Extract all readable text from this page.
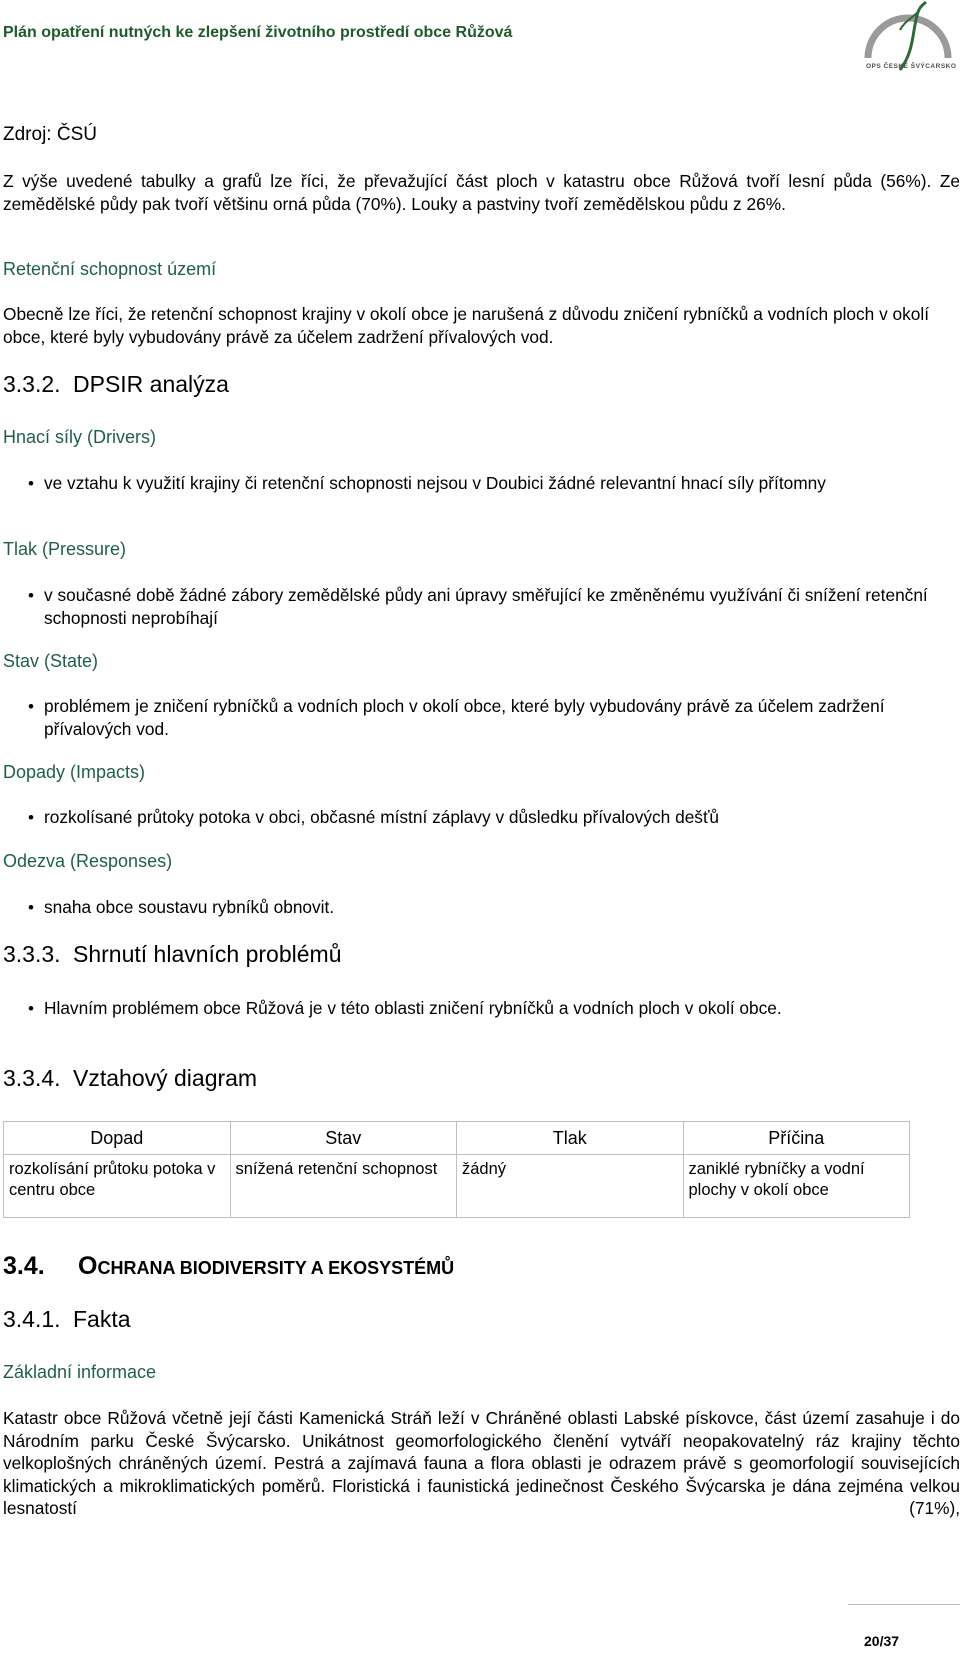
Plán opatření nutných ke zlepšení životního prostředí obce Růžová
OPS ČESKÉ ŠVÝCARSKO
Zdroj: ČSÚ

Z výše uvedené tabulky a grafů lze říci, že převažující část ploch v katastru obce Růžová tvoří lesní půda (56%). Ze zemědělské půdy pak tvoří většinu orná půda (70%). Louky a pastviny tvoří zemědělskou půdu z 26%.

Retenční schopnost území

Obecně lze říci, že retenční schopnost krajiny v okolí obce je narušená z důvodu zničení rybníčků a vodních ploch v okolí obce, které byly vybudovány právě za účelem zadržení přívalových vod.

3.3.2. DPSIR analýza
Hnací síly (Drivers)
• ve vztahu k využití krajiny či retenční schopnosti nejsou v Doubici žádné relevantní hnací síly přítomny
Tlak (Pressure)
• v současné době žádné zábory zemědělské půdy ani úpravy směřující ke změněnému využívání či snížení retenční schopnosti neprobíhají
Stav (State)
• problémem je zničení rybníčků a vodních ploch v okolí obce, které byly vybudovány právě za účelem zadržení přívalových vod.
Dopady (Impacts)
• rozkolísané průtoky potoka v obci, občasné místní záplavy v důsledku přívalových dešťů
Odezva (Responses)
• snaha obce soustavu rybníků obnovit.
3.3.3. Shrnutí hlavních problémů
• Hlavním problémem obce Růžová je v této oblasti zničení rybníčků a vodních ploch v okolí obce.
3.3.4. Vztahový diagram
Dopad	Stav	Tlak	Příčina
rozkolísání průtoku potoka v centru obce	snížená retenční schopnost	žádný	zaniklé rybníčky a vodní plochy v okolí obce
3.4. OCHRANA BIODIVERSITY A EKOSYSTÉMŮ
3.4.1. Fakta
Základní informace

Katastr obce Růžová včetně její části Kamenická Stráň leží v Chráněné oblasti Labské pískovce, část území zasahuje i do Národním parku České Švýcarsko. Unikátnost geomorfologického členění vytváří neopakovatelný ráz krajiny těchto velkoplošných chráněných území. Pestrá a zajímavá fauna a flora oblasti je odrazem právě s geomorfologií souvisejících klimatických a mikroklimatických poměrů. Floristická i faunistická jedinečnost Českého Švýcarska je dána zejména velkou lesnatostí (71%),

20/37
